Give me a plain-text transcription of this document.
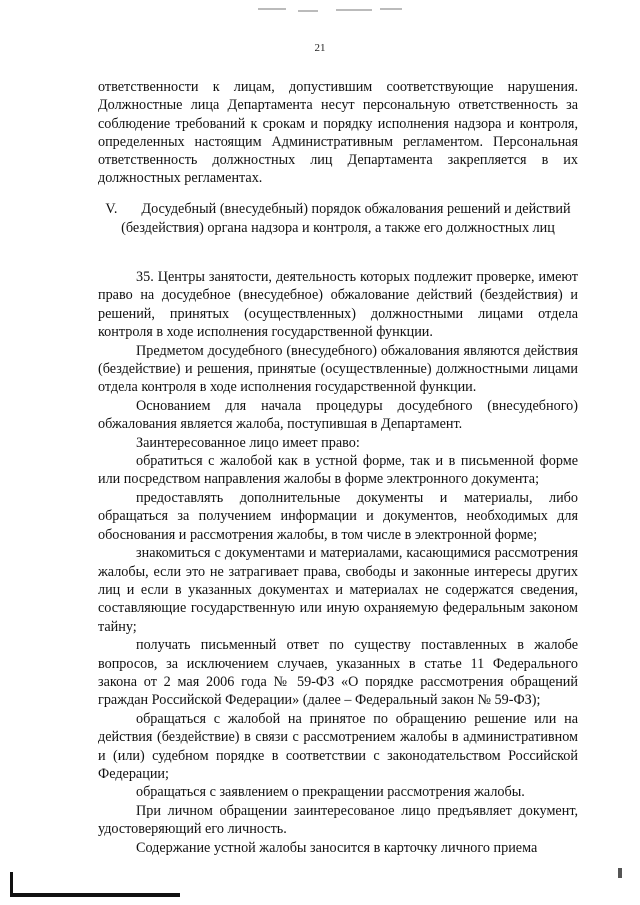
21

ответственности к лицам, допустившим соответствующие нарушения. Должностные лица Департамента несут персональную ответственность за соблюдение требований к срокам и порядку исполнения надзора и контроля, определенных настоящим Административным регламентом. Персональная ответственность должностных лиц Департамента закрепляется в их должностных регламентах.

V. Досудебный (внесудебный) порядок обжалования решений и действий (бездействия) органа надзора и контроля, а также его должностных лиц

35. Центры занятости, деятельность которых подлежит проверке, имеют право на досудебное (внесудебное) обжалование действий (бездействия) и решений, принятых (осуществленных) должностными лицами отдела контроля в ходе исполнения государственной функции.

Предметом досудебного (внесудебного) обжалования являются действия (бездействие) и решения, принятые (осуществленные) должностными лицами отдела контроля в ходе исполнения государственной функции.

Основанием для начала процедуры досудебного (внесудебного) обжалования является жалоба, поступившая в Департамент.

Заинтересованное лицо имеет право:

обратиться с жалобой как в устной форме, так и в письменной форме или посредством направления жалобы в форме электронного документа;

предоставлять дополнительные документы и материалы, либо обращаться за получением информации и документов, необходимых для обоснования и рассмотрения жалобы, в том числе в электронной форме;

знакомиться с документами и материалами, касающимися рассмотрения жалобы, если это не затрагивает права, свободы и законные интересы других лиц и если в указанных документах и материалах не содержатся сведения, составляющие государственную или иную охраняемую федеральным законом тайну;

получать письменный ответ по существу поставленных в жалобе вопросов, за исключением случаев, указанных в статье 11 Федерального закона от 2 мая 2006 года № 59-ФЗ «О порядке рассмотрения обращений граждан Российской Федерации» (далее – Федеральный закон № 59-ФЗ);

обращаться с жалобой на принятое по обращению решение или на действия (бездействие) в связи с рассмотрением жалобы в административном и (или) судебном порядке в соответствии с законодательством Российской Федерации;

обращаться с заявлением о прекращении рассмотрения жалобы.

При личном обращении заинтересованое лицо предъявляет документ, удостоверяющий его личность.

Содержание устной жалобы заносится в карточку личного приема
